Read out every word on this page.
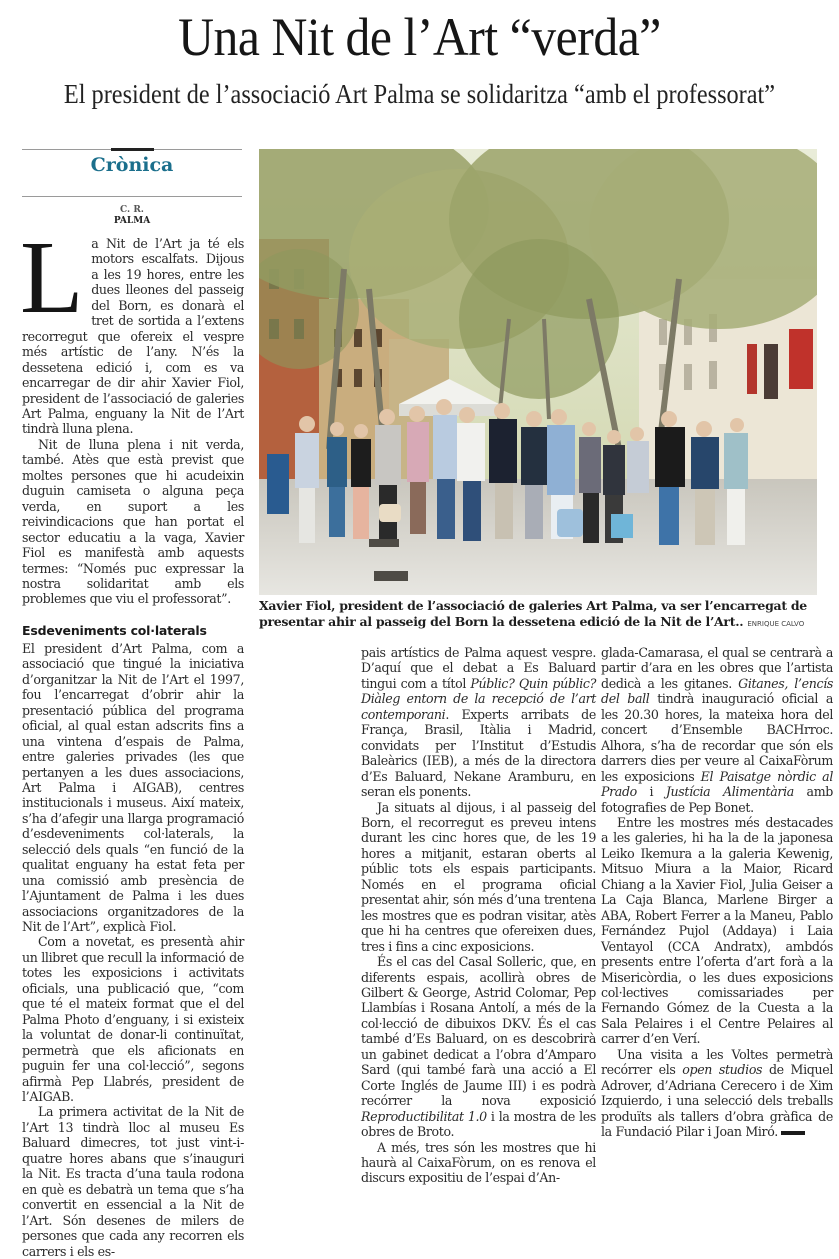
Una Nit de l’Art “verda”
El president de l’associació Art Palma se solidaritza “amb el professorat”
Crònica
C. R.
PALMA

La Nit de l’Art ja té els motors escalfats. Dijous a les 19 hores, entre les dues lleones del passeig del Born, es donarà el tret de sortida a l’extens recorregut que ofereix el vespre més artístic de l’any. N’és la dessetena edició i, com es va encarregar de dir ahir Xavier Fiol, president de l’associació de galeries Art Palma, enguany la Nit de l’Art tindrà lluna plena.

Nit de lluna plena i nit verda, també. Atès que està previst que moltes persones que hi acudeixin duguin camiseta o alguna peça verda, en suport a les reivindicacions que han portat el sector educatiu a la vaga, Xavier Fiol es manifestà amb aquests termes: “Només puc expressar la nostra solidaritat amb els problemes que viu el professorat”.

Esdeveniments col·laterals

El president d’Art Palma, com a associació que tingué la iniciativa d’organitzar la Nit de l’Art el 1997, fou l’encarregat d’obrir ahir la presentació pública del programa oficial, al qual estan adscrits fins a una vintena d’espais de Palma, entre galeries privades (les que pertanyen a les dues associacions, Art Palma i AIGAB), centres institucionals i museus. Així mateix, s’ha d’afegir una llarga programació d’esdeveniments col·laterals, la selecció dels quals “en funció de la qualitat enguany ha estat feta per una comissió amb presència de l’Ajuntament de Palma i les dues associacions organitzadores de la Nit de l’Art”, explicà Fiol.

Com a novetat, es presentà ahir un llibret que recull la informació de totes les exposicions i activitats oficials, una publicació que, “com que té el mateix format que el del Palma Photo d’enguany, i si existeix la voluntat de donar-li continuïtat, permetrà que els aficionats en puguin fer una col·lecció”, segons afirmà Pep Llabrés, president de l’AIGAB.

La primera activitat de la Nit de l’Art 13 tindrà lloc al museu Es Baluard dimecres, tot just vint-i-quatre hores abans que s’inauguri la Nit. Es tracta d’una taula rodona en què es debatrà un tema que s’ha convertit en essencial a la Nit de l’Art. Són desenes de milers de persones que cada any recorren els carrers i els es-

Xavier Fiol, president de l’associació de galeries Art Palma, va ser l’encarregat de presentar ahir al passeig del Born la dessetena edició de la Nit de l’Art.. ENRIQUE CALVO

pais artístics de Palma aquest vespre. D’aquí que el debat a Es Baluard tingui com a títol Públic? Quin públic? Diàleg entorn de la recepció de l’art contemporani. Experts arribats de França, Brasil, Itàlia i Madrid, convidats per l’Institut d’Estudis Baleàrics (IEB), a més de la directora d’Es Baluard, Nekane Aramburu, en seran els ponents.

Ja situats al dijous, i al passeig del Born, el recorregut es preveu intens durant les cinc hores que, de les 19 hores a mitjanit, estaran oberts al públic tots els espais participants. Només en el programa oficial presentat ahir, són més d’una trentena les mostres que es podran visitar, atès que hi ha centres que ofereixen dues, tres i fins a cinc exposicions.

És el cas del Casal Solleric, que, en diferents espais, acollirà obres de Gilbert & George, Astrid Colomar, Pep Llambías i Rosana Antolí, a més de la col·lecció de dibuixos DKV. És el cas també d’Es Baluard, on es descobrirà un gabinet dedicat a l’obra d’Amparo Sard (qui també farà una acció a El Corte Inglés de Jaume III) i es podrà recórrer la nova exposició Reproductibilitat 1.0 i la mostra de les obres de Broto.

A més, tres són les mostres que hi haurà al CaixaFòrum, on es renova el discurs expositiu de l’espai d’An-

glada-Camarasa, el qual se centrarà a partir d’ara en les obres que l’artista dedicà a les gitanes. Gitanes, l’encís del ball tindrà inauguració oficial a les 20.30 hores, la mateixa hora del concert d’Ensemble BACHrroc. Alhora, s’ha de recordar que són els darrers dies per veure al CaixaFòrum les exposicions El Paisatge nòrdic al Prado i Justícia Alimentària amb fotografies de Pep Bonet.

Entre les mostres més destacades a les galeries, hi ha la de la japonesa Leiko Ikemura a la galeria Kewenig, Mitsuo Miura a la Maior, Ricard Chiang a la Xavier Fiol, Julia Geiser a La Caja Blanca, Marlene Birger a ABA, Robert Ferrer a la Maneu, Pablo Fernández Pujol (Addaya) i Laia Ventayol (CCA Andratx), ambdós presents entre l’oferta d’art forà a la Misericòrdia, o les dues exposicions col·lectives comissariades per Fernando Gómez de la Cuesta a la Sala Pelaires i el Centre Pelaires al carrer d’en Verí.

Una visita a les Voltes permetrà recórrer els open studios de Miquel Adrover, d’Adriana Cerecero i de Xim Izquierdo, i una selecció dels treballs produïts als tallers d’obra gràfica de la Fundació Pilar i Joan Miró.
